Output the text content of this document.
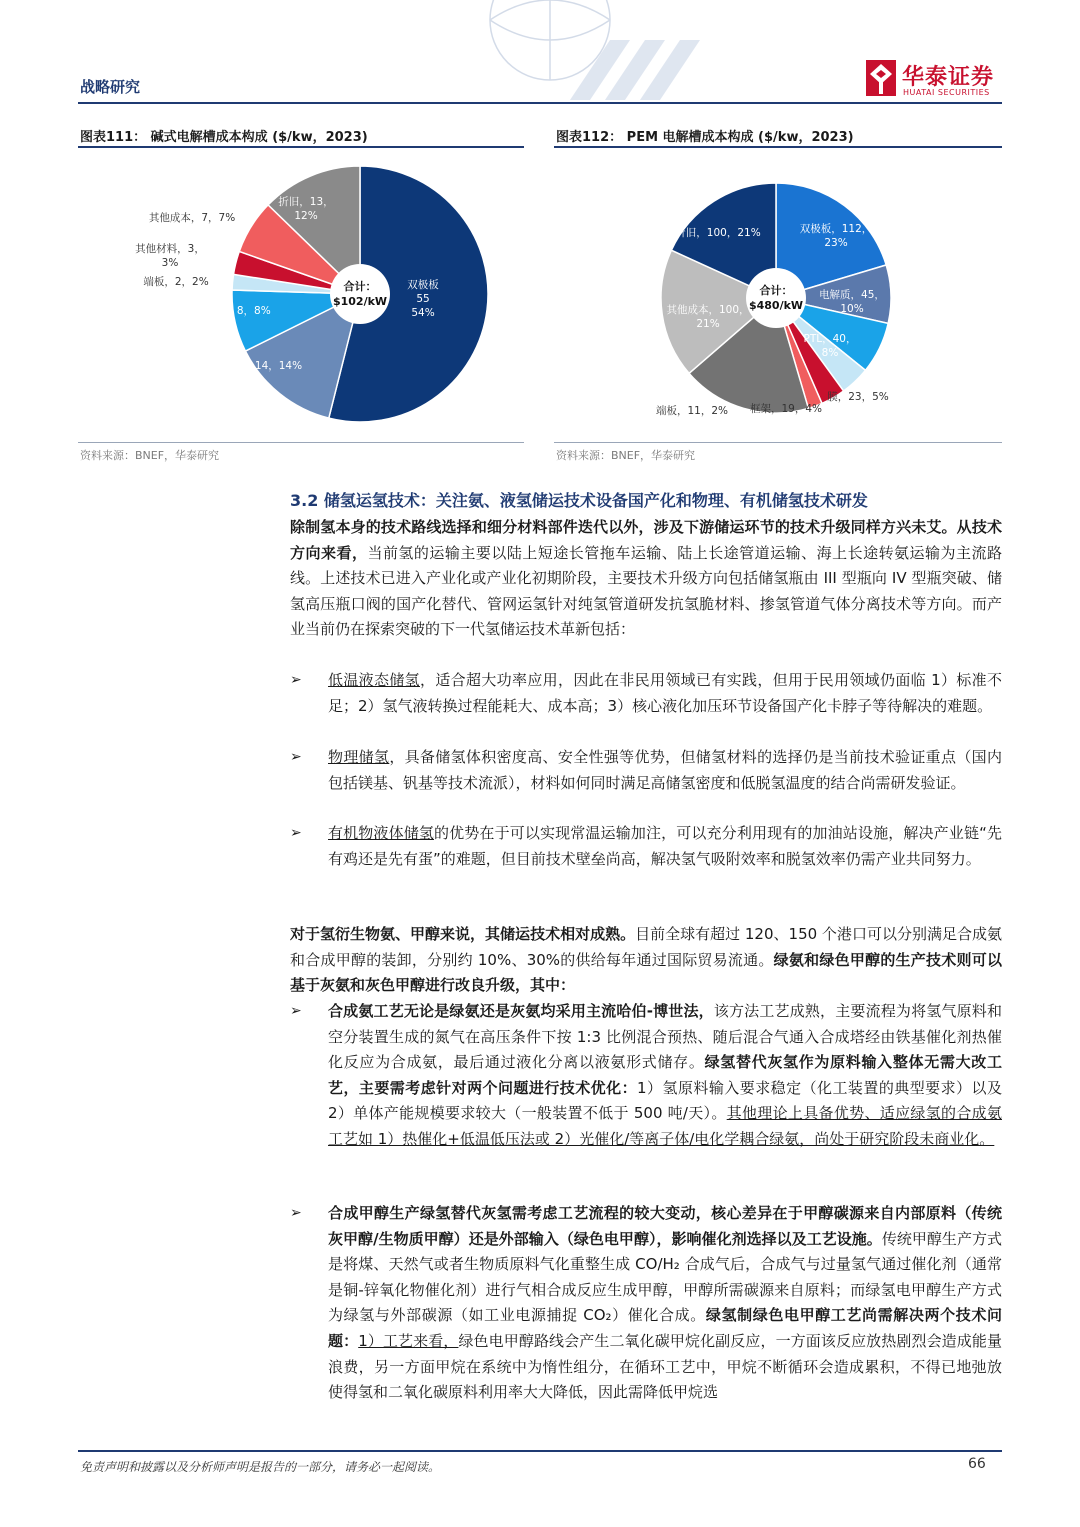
战略研究	华泰证券
HUATAI SECURITIES
图表111： 碱式电解槽成本构成 ($/kw，2023)
合计：
$102/kW
双极板
55
54%
膜，14，14%
垫片，8，8%
端板，2，2%
其他材料，3，
3%
其他成本，7，7%
折旧，13，
12%
资料来源：BNEF，华泰研究
图表112： PEM 电解槽成本构成 ($/kw，2023)
合计：
$480/kW
双极板，112，
23%
电解质，45，
10%
PTL，40，
8%
膜，23，5%
框架，19，4%
端板，11，2%
其他成本，100，
21%
折旧，100，21%
资料来源：BNEF，华泰研究
3.2 储氢运氢技术：关注氨、液氢储运技术设备国产化和物理、有机储氢技术研发
除制氢本身的技术路线选择和细分材料部件迭代以外，涉及下游储运环节的技术升级同样方兴未艾。从技术方向来看，当前氢的运输主要以陆上短途长管拖车运输、陆上长途管道运输、海上长途转氨运输为主流路线。上述技术已进入产业化或产业化初期阶段，主要技术升级方向包括储氢瓶由 III 型瓶向 IV 型瓶突破、储氢高压瓶口阀的国产化替代、管网运氢针对纯氢管道研发抗氢脆材料、掺氢管道气体分离技术等方向。而产业当前仍在探索突破的下一代氢储运技术革新包括：
➢ 低温液态储氢，适合超大功率应用，因此在非民用领域已有实践，但用于民用领域仍面临 1）标准不足；2）氢气液转换过程能耗大、成本高；3）核心液化加压环节设备国产化卡脖子等待解决的难题。
➢ 物理储氢，具备储氢体积密度高、安全性强等优势，但储氢材料的选择仍是当前技术验证重点（国内包括镁基、钒基等技术流派），材料如何同时满足高储氢密度和低脱氢温度的结合尚需研发验证。
➢ 有机物液体储氢的优势在于可以实现常温运输加注，可以充分利用现有的加油站设施，解决产业链“先有鸡还是先有蛋”的难题，但目前技术壁垒尚高，解决氢气吸附效率和脱氢效率仍需产业共同努力。
对于氢衍生物氨、甲醇来说，其储运技术相对成熟。目前全球有超过 120、150 个港口可以分别满足合成氨和合成甲醇的装卸，分别约 10%、30%的供给每年通过国际贸易流通。绿氨和绿色甲醇的生产技术则可以基于灰氨和灰色甲醇进行改良升级，其中：
➢ 合成氨工艺无论是绿氨还是灰氨均采用主流哈伯-博世法，该方法工艺成熟，主要流程为将氢气原料和空分装置生成的氮气在高压条件下按 1:3 比例混合预热、随后混合气通入合成塔经由铁基催化剂热催化反应为合成氨，最后通过液化分离以液氨形式储存。绿氢替代灰氢作为原料输入整体无需大改工艺，主要需考虑针对两个问题进行技术优化：1）氢原料输入要求稳定（化工装置的典型要求）以及 2）单体产能规模要求较大（一般装置不低于 500 吨/天）。其他理论上具备优势、适应绿氢的合成氨工艺如 1）热催化+低温低压法或 2）光催化/等离子体/电化学耦合绿氨，尚处于研究阶段未商业化。
➢ 合成甲醇生产绿氢替代灰氢需考虑工艺流程的较大变动，核心差异在于甲醇碳源来自内部原料（传统灰甲醇/生物质甲醇）还是外部输入（绿色电甲醇），影响催化剂选择以及工艺设施。传统甲醇生产方式是将煤、天然气或者生物质原料气化重整生成 CO/H₂ 合成气后，合成气与过量氢气通过催化剂（通常是铜-锌氧化物催化剂）进行气相合成反应生成甲醇，甲醇所需碳源来自原料；而绿氢电甲醇生产方式为绿氢与外部碳源（如工业电源捕捉 CO₂）催化合成。绿氢制绿色电甲醇工艺尚需解决两个技术问题：1）工艺来看，绿色电甲醇路线会产生二氧化碳甲烷化副反应，一方面该反应放热剧烈会造成能量浪费，另一方面甲烷在系统中为惰性组分，在循环工艺中，甲烷不断循环会造成累积，不得已地弛放使得氢和二氧化碳原料利用率大大降低，因此需降低甲烷选
免责声明和披露以及分析师声明是报告的一部分，请务必一起阅读。	66
